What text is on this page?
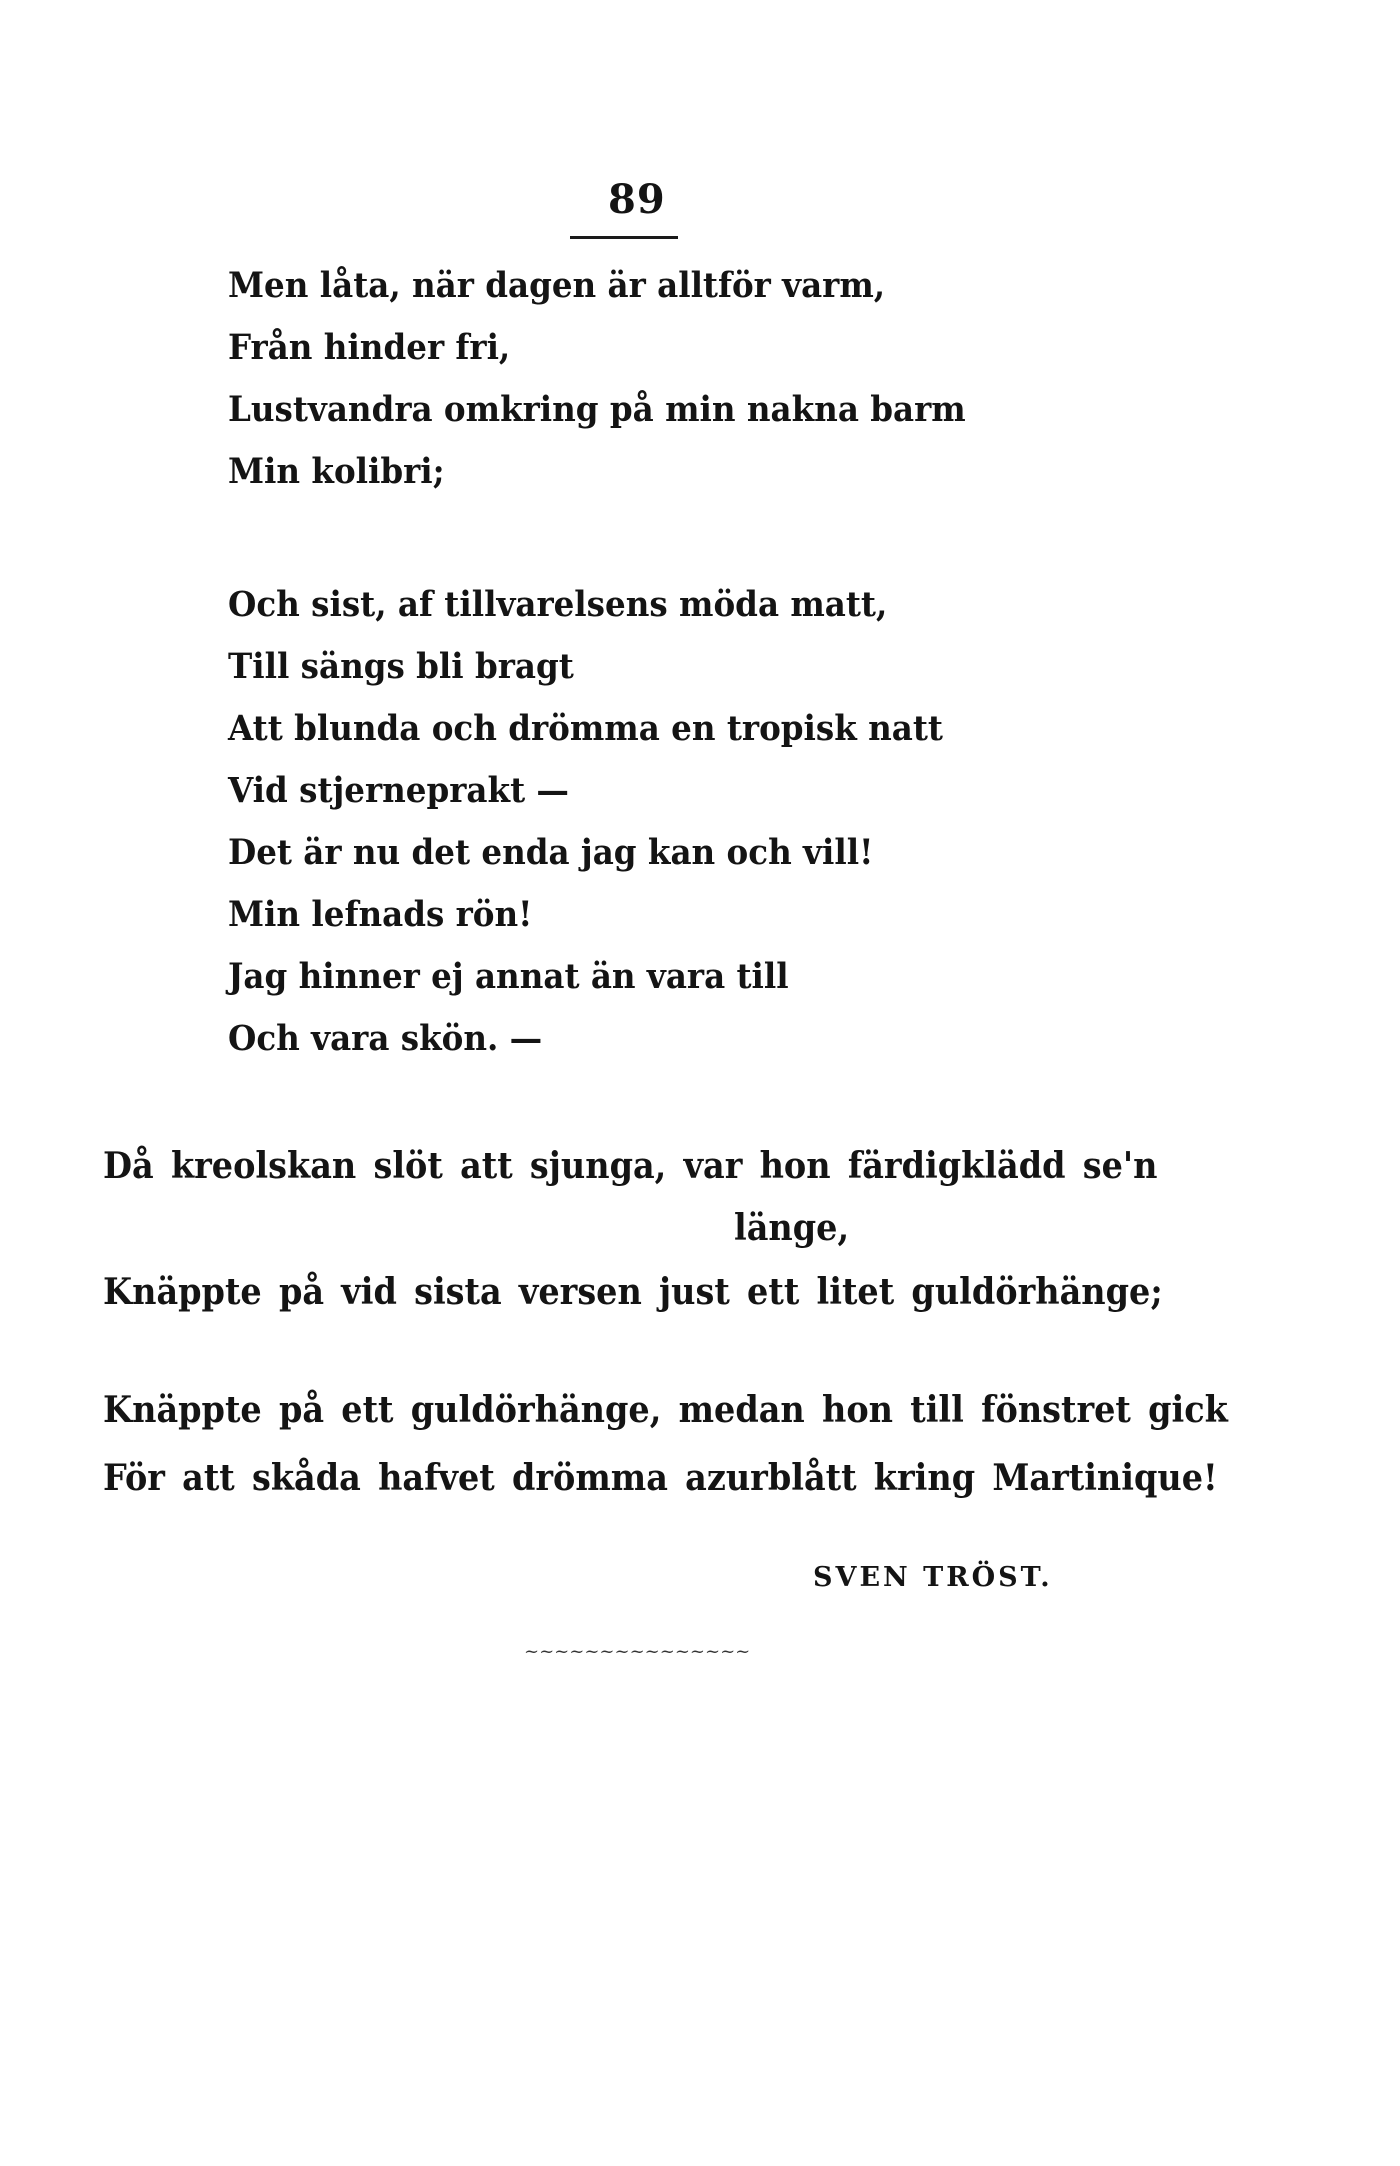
89
Men låta, när dagen är alltför varm,
Från hinder fri,
Lustvandra omkring på min nakna barm
Min kolibri;
Och sist, af tillvarelsens möda matt,
Till sängs bli bragt
Att blunda och drömma en tropisk natt
Vid stjerneprakt —
Det är nu det enda jag kan och vill!
Min lefnads rön!
Jag hinner ej annat än vara till
Och vara skön. —
Då kreolskan slöt att sjunga, var hon färdigklädd se'n
länge,
Knäppte på vid sista versen just ett litet guldörhänge;
Knäppte på ett guldörhänge, medan hon till fönstret gick
För att skåda hafvet drömma azurblått kring Martinique!
SVEN TRÖST.
~~~~~~~~~~~~~~~
